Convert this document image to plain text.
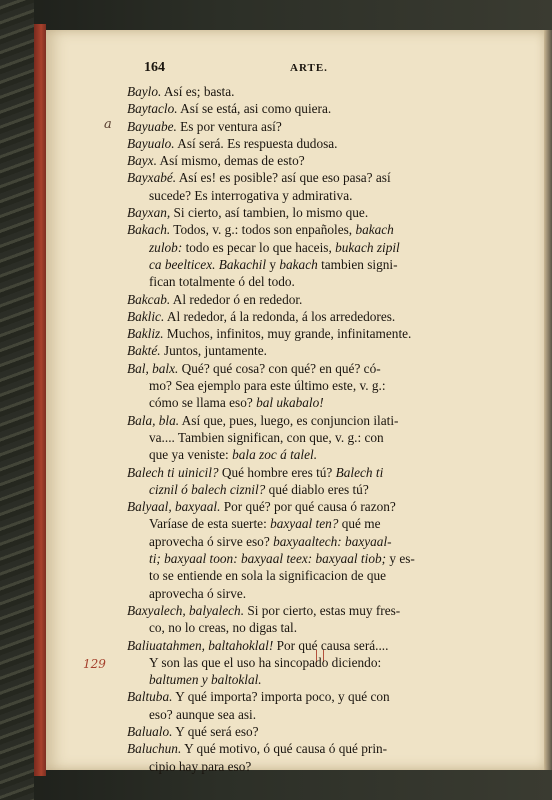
164	ARTE.
a
129

Baylo. Así es; basta.

Baytaclo. Así se está, asi como quiera.

Bayuabe. Es por ventura así?

Bayualo. Así será. Es respuesta dudosa.

Bayx. Así mismo, demas de esto?

Bayxabé. Así es! es posible? así que eso pasa? así
sucede? Es interrogativa y admirativa.

Bayxan, Si cierto, así tambien, lo mismo que.

Bakach. Todos, v. g.: todos son enpañoles, bakach
zulob: todo es pecar lo que haceis, bukach zipil
ca beelticex. Bakachil y bakach tambien signi-
fican totalmente ó del todo.

Bakcab. Al rededor ó en rededor.

Baklic. Al rededor, á la redonda, á los arrededores.

Bakliz. Muchos, infinitos, muy grande, infinitamente.

Bakté. Juntos, juntamente.

Bal, balx. Qué? qué cosa? con qué? en qué? có-
mo? Sea ejemplo para este último este, v. g.:
cómo se llama eso? bal ukabalo!

Bala, bla. Así que, pues, luego, es conjuncion ilati-
va.... Tambien significan, con que, v. g.: con
que ya veniste: bala zoc á talel.

Balech ti uinicil? Qué hombre eres tú? Balech ti
ciznil ó balech ciznil? qué diablo eres tú?

Balyaal, baxyaal. Por qué? por qué causa ó razon?
Varíase de esta suerte: baxyaal ten? qué me
aprovecha ó sirve eso? baxyaaltech: baxyaal-
ti; baxyaal toon: baxyaal teex: baxyaal tiob; y es-
to se entiende en sola la significacion de que
aprovecha ó sirve.

Baxyalech, balyalech. Si por cierto, estas muy fres-
co, no lo creas, no digas tal.

Baliuatahmen, baltahoklal! Por qué causa será....
Y son las que el uso ha sincopado diciendo:
baltumen y baltoklal.

Baltuba. Y qué importa? importa poco, y qué con
eso? aunque sea asi.

Balualo. Y qué será eso?

Baluchun. Y qué motivo, ó qué causa ó qué prin-
cipio hay para eso?
